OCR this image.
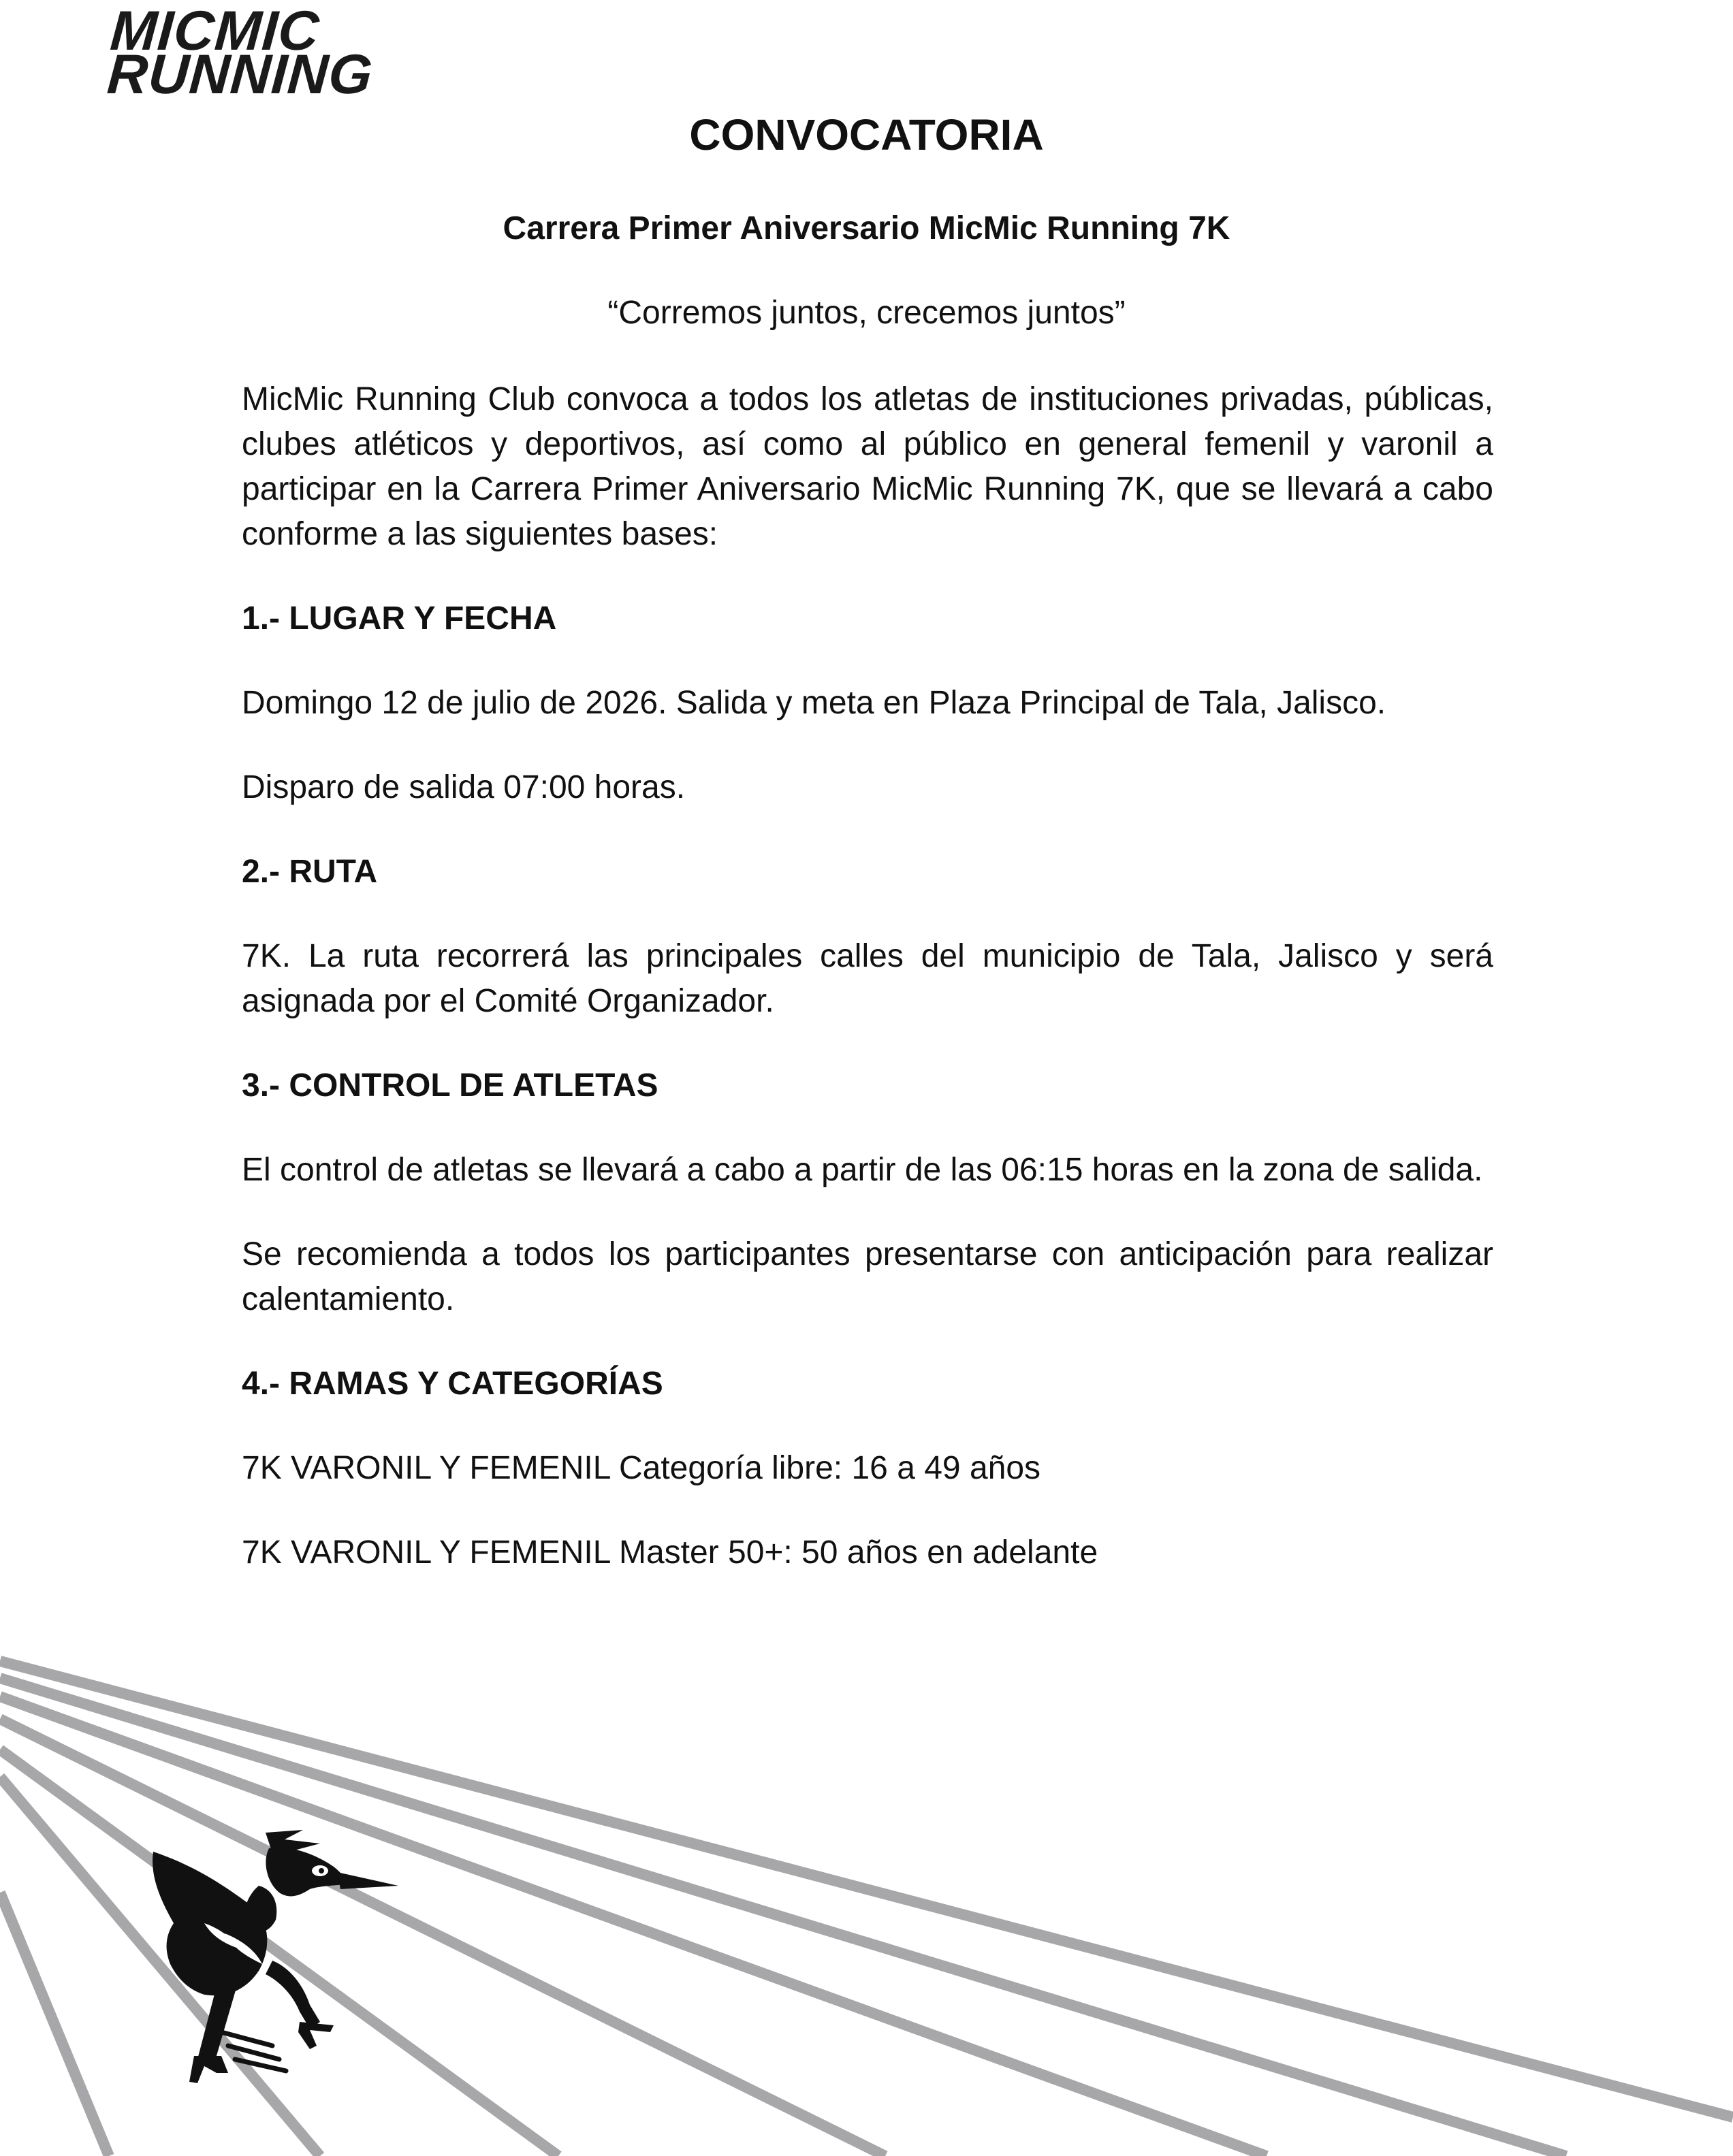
MICMIC
RUNNING
CONVOCATORIA
Carrera Primer Aniversario MicMic Running 7K
“Corremos juntos, crecemos juntos”

MicMic Running Club convoca a todos los atletas de instituciones privadas, públicas, clubes atléticos y deportivos, así como al público en general femenil y varonil a participar en la Carrera Primer Aniversario MicMic Running 7K, que se llevará a cabo conforme a las siguientes bases:

1.- LUGAR Y FECHA

Domingo 12 de julio de 2026. Salida y meta en Plaza Principal de Tala, Jalisco.

Disparo de salida 07:00 horas.

2.- RUTA

7K. La ruta recorrerá las principales calles del municipio de Tala, Jalisco y será asignada por el Comité Organizador.

3.- CONTROL DE ATLETAS

El control de atletas se llevará a cabo a partir de las 06:15 horas en la zona de salida.

Se recomienda a todos los participantes presentarse con anticipación para realizar calentamiento.

4.- RAMAS Y CATEGORÍAS

7K VARONIL Y FEMENIL Categoría libre: 16 a 49 años

7K VARONIL Y FEMENIL Master 50+: 50 años en adelante
